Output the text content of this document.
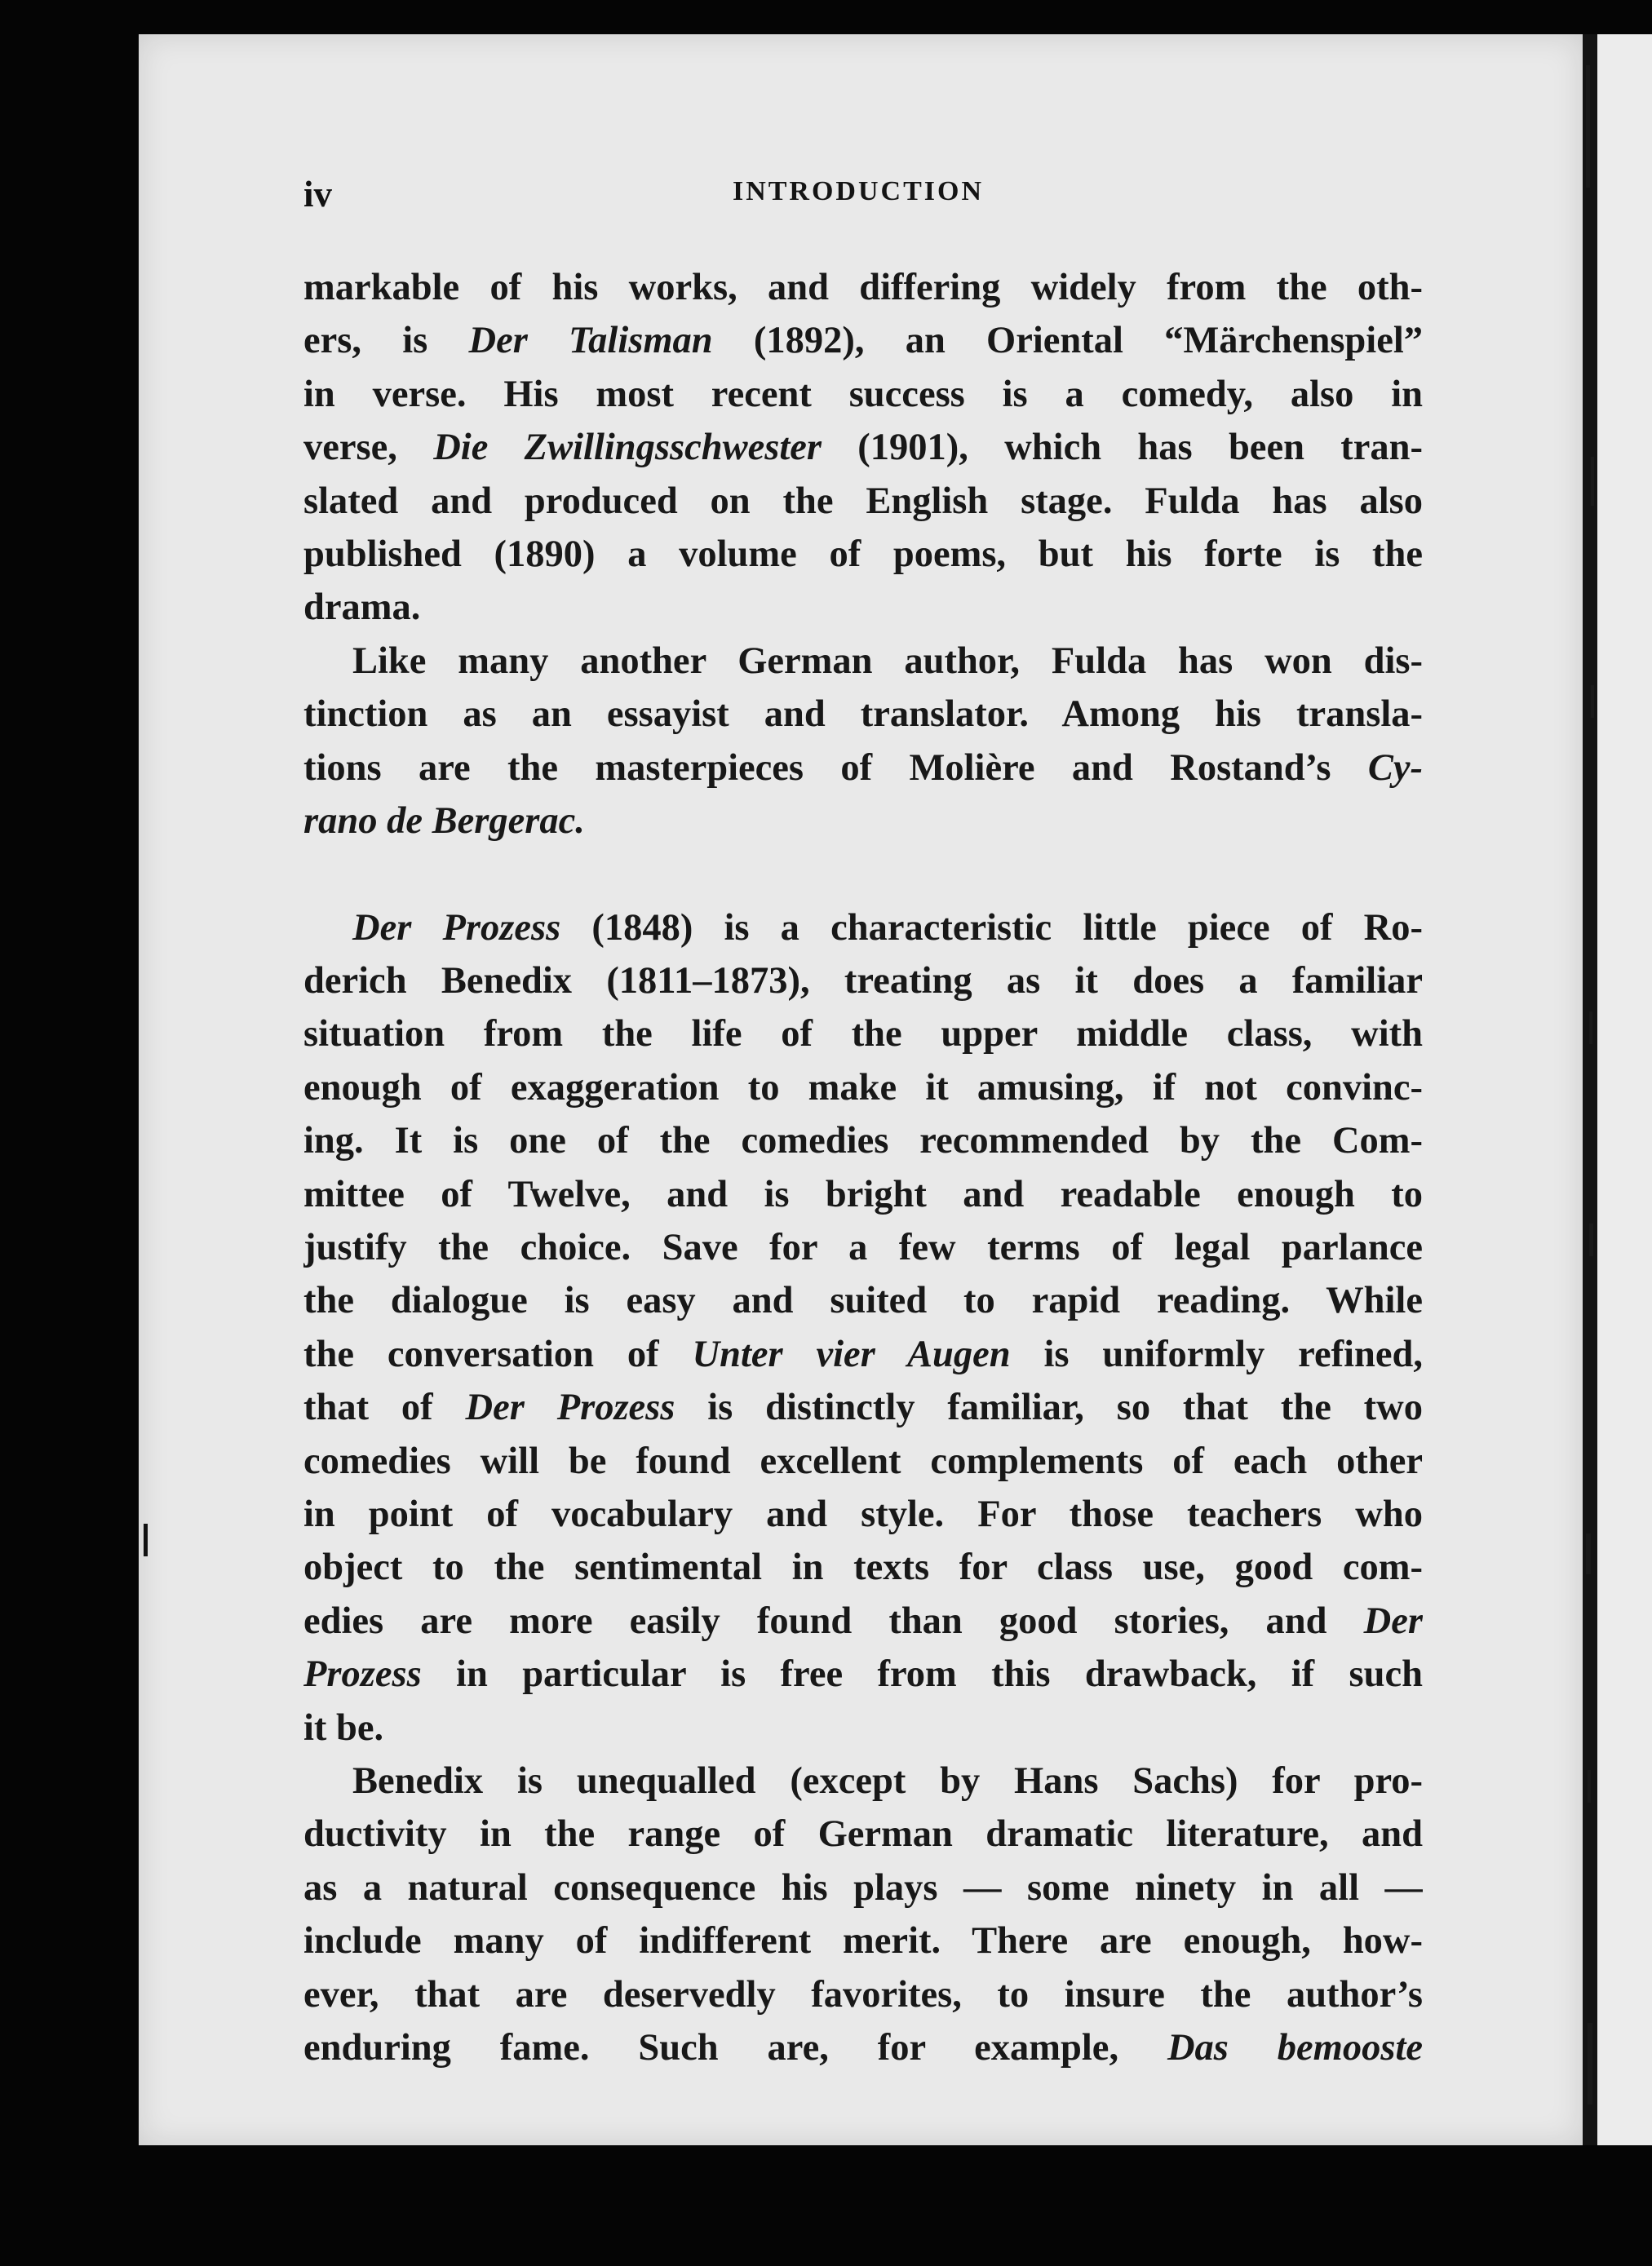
iv	INTRODUCTION
markable of his works, and differing widely from the oth-
ers, is Der Talisman (1892), an Oriental “Märchenspiel”
in verse. His most recent success is a comedy, also in
verse, Die Zwillingsschwester (1901), which has been tran-
slated and produced on the English stage. Fulda has also
published (1890) a volume of poems, but his forte is the
drama.
Like many another German author, Fulda has won dis-
tinction as an essayist and translator. Among his transla-
tions are the masterpieces of Molière and Rostand’s Cy-
rano de Bergerac.
Der Prozess (1848) is a characteristic little piece of Ro-
derich Benedix (1811–1873), treating as it does a familiar
situation from the life of the upper middle class, with
enough of exaggeration to make it amusing, if not convinc-
ing. It is one of the comedies recommended by the Com-
mittee of Twelve, and is bright and readable enough to
justify the choice. Save for a few terms of legal parlance
the dialogue is easy and suited to rapid reading. While
the conversation of Unter vier Augen is uniformly refined,
that of Der Prozess is distinctly familiar, so that the two
comedies will be found excellent complements of each other
in point of vocabulary and style. For those teachers who
object to the sentimental in texts for class use, good com-
edies are more easily found than good stories, and Der
Prozess in particular is free from this drawback, if such
it be.
Benedix is unequalled (except by Hans Sachs) for pro-
ductivity in the range of German dramatic literature, and
as a natural consequence his plays — some ninety in all —
include many of indifferent merit. There are enough, how-
ever, that are deservedly favorites, to insure the author’s
enduring fame. Such are, for example, Das bemooste
